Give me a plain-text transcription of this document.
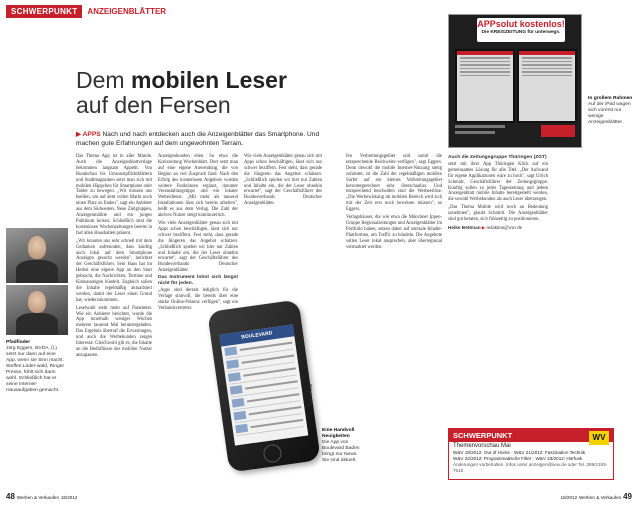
SCHWERPUNKT	ANZEIGENBLÄTTER
Dem mobilen Leser
auf den Fersen
▶ APPS Nach und nach entdecken auch die Anzeigenblätter das Smartphone. Und machen gute Erfahrungen auf dem ungewohnten Terrain.
Pfadfinder
Jörg Eggers, BVDA, (l.) setzt nur dann auf eine App, wenn sie Sinn macht. Steffen Lüder-wald, Ringer Presse, fühlt sich darin wohl. Schließlich hat er seine Internet-Hausaufgaben gemacht.
Das Thema App ist in aller Munde. Auch die Anzeigenblattverlage bekommen langsam Appetit. Von Rundschau bis Umsonstpflichtblättern und Stadtmagazinen setzt man sich mit mobilen Häppchen für Smartphone oder Tablet zu bewegen. „Wir müssen uns beeilen, um auf dem vollen Markt noch einen Platz zu finden", sagt ein Anbieter aus dem Südwesten. Neue Zielgruppen, Anzeigenmärkte und ein junges Publikum locken. Schließlich sind die kostenlosen Wochenzeitungen bereits in fast allen Haushalten präsent.
„Wir konnten uns sehr schnell mit dem Gedanken anfreunden, dass künftig auch lokal auf dem Smartphone Anzeigen gesucht werden", berichtet der Geschäftsführer. Sein Haus hat im Herbst eine eigene App an den Start gebracht, die Nachrichten, Termine und Kleinanzeigen bündelt. Zugleich sollen die Inhalte regelmäßig aktualisiert werden, damit der Leser einen Grund hat, wiederzukommen.
Leserwahl steht mehr auf Parameter. Wie ein Anbieter berichtet, wurde die App innerhalb weniger Wochen mehrere tausend Mal heruntergeladen. Das Ergebnis übertraf die Erwartungen, und auch die Werbekunden zeigen Interesse. Gleichwohl gilt es, die Inhalte an die Bedürfnisse der mobilen Nutzer anzupassen.
Anzeigenkunden eben. So etwa die Kreiszeitung Wochenblatt. Dort setzt man auf eine eigene Anwendung, die von Beginn an viel Zuspruch fand. Nach den Erfolg des kostenlosen Angebots wurden weitere Funktionen ergänzt, darunter Veranstaltungstipps und ein lokaler Wetterdienst. „Mit mehr als tausend Installationen lässt sich bereits arbeiten", heißt es aus dem Verlag. Die Zahl der aktiven Nutzer steigt kontinuierlich.
Wie viele Anzeigenblätter genau sich mit Apps schon beschäftigen, lässt sich nur schwer beziffern. Fest steht, dass gerade die Jüngeren das Angebot schätzen. „Schließlich spielen wir hier nur Zahlen und Inhalte ein, die der Leser ohnehin erwartet", sagt der Geschäftsführer des Bundesverbands Deutscher Anzeigenblätter.
Das Instrument lohnt sich längst nicht für jeden.
„Apps sind derzeit lediglich für die Verlage sinnvoll, die bereits über eine starke Online-Präsenz verfügen", sagt ein Verbandsvertreter.
Wie viele Anzeigenblätter genau sich mit Apps schon beschäftigen, lässt sich nur schwer beziffern. Fest steht, dass gerade die Jüngeren das Angebot schätzen. „Schließlich spielen wir hier nur Zahlen und Inhalte ein, die der Leser ohnehin erwartet", sagt der Geschäftsführer des Bundesverbands Deutscher Anzeigenblätter.
BOULEVARD
Eine Handvoll Neuigkeiten
Die App von Boulevard Baden bringt nur News. Sie sind aktuell.
Fotos: Privat
fen Verbreitungsgebiet und somit die entsprechende Reichweite verfügen", sagt Eggers. Denn obwohl die mobile Internet-Nutzung stetig zunimmt, ist die Zahl der regelmäßigen mobilen Surfer auf ein kleines Verbreitungsgebiet heruntergerechnet sehr überschaubar. Und entsprechend bescheiden sind die Werbeerlöse. „Die Werbewirkung im mobilen Bereich wird sich mit der Zeit erst noch beweisen müssen", so Eggers.
Verlagshäuser, die wie etwa die Münchner Ippen-Gruppe Regionalzeitungen und Anzeigenblätter im Portfolio haben, setzen daher auf zentrale Inhalte-Plattformen, um Traffic zu bündeln. Die Angebote sollen Leser lokal ansprechen, aber überregional vermarktet werden.
Auch die Zeitungsgruppe Thüringen (ZGT)
setzt mit ihrer App Thüringen Klick auf ein gemeinsames Lösung für alle Titel. „Der Aufwand für eigene Applikationen wäre zu hoch", sagt Ulrich Schmidt, Geschäftsführer der Zeitungsgruppe. Künftig sollen zu jeder Tageszeitung und jedem Anzeigenblatt mobile Inhalte bereitgestellt werden, die sowohl Werbekunden als auch Leser überzeugen.
„Das Thema Mobile wird noch an Bedeutung zunehmen", glaubt Schmidt. Die Anzeigenblätter sind gut beraten, sich frühzeitig zu positionieren.
Heike Bettman ▶ redaktion@wuv.de
APPsolut kostenlos!
Die KREISZEITUNG für unterwegs.
In großem Rahmen
Auf der iPad wagen sich vorerst nur wenige Anzeigenblätter.
SCHWERPUNKT
Themenvorschau Mai
WV
W&V 19/2012: Out of Home · W&V 21/2012: Faszination Technik
W&V 22/2012: Programmatische Filter · W&V 23/2012: Hörfunk
Änderungen vorbehalten. Infos unter anzeigen@wuv.de oder Tel. 089/2183-7516
48 Werben & Verkaufen 18/2012	18/2012 Werben & Verkaufen 49
